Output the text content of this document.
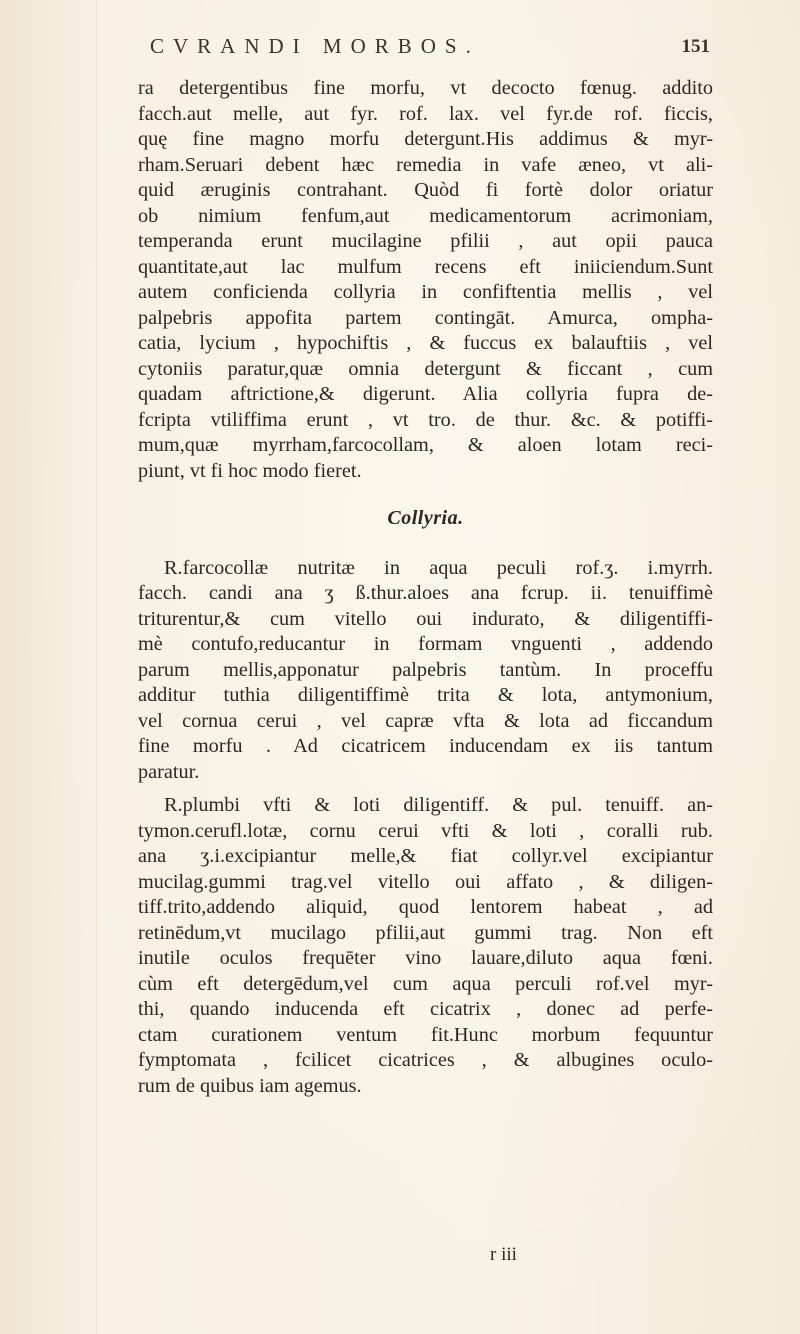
CVRANDI MORBOS.	151
ra detergentibus fine morfu, vt decocto fœnug. addito
facch.aut melle, aut fyr. rof. lax. vel fyr.de rof. ficcis,
quę fine magno morfu detergunt.His addimus & myr-
rham.Seruari debent hæc remedia in vafe æneo, vt ali-
quid æruginis contrahant. Quòd fi fortè dolor oriatur
ob nimium fenfum,aut medicamentorum acrimoniam,
temperanda erunt mucilagine pfilii , aut opii pauca
quantitate,aut lac mulfum recens eft iniiciendum.Sunt
autem conficienda collyria in confiftentia mellis , vel
palpebris appofita partem contingāt. Amurca, ompha-
catia, lycium , hypochiftis , & fuccus ex balauftiis , vel
cytoniis paratur,quæ omnia detergunt & ficcant , cum
quadam aftrictione,& digerunt. Alia collyria fupra de-
fcripta vtiliffima erunt , vt tro. de thur. &c. & potiffi-
mum,quæ myrrham,farcocollam, & aloen lotam reci-
piunt, vt fi hoc modo fieret.
Collyria.
R.farcocollæ nutritæ in aqua peculi rof.ʒ. i.myrrh.
facch. candi ana ʒ ß.thur.aloes ana fcrup. ii. tenuiffimè
triturentur,& cum vitello oui indurato, & diligentiffi-
mè contufo,reducantur in formam vnguenti , addendo
parum mellis,apponatur palpebris tantùm. In proceffu
additur tuthia diligentiffimè trita & lota, antymonium,
vel cornua cerui , vel capræ vfta & lota ad ficcandum
fine morfu . Ad cicatricem inducendam ex iis tantum
paratur.
R.plumbi vfti & loti diligentiff. & pul. tenuiff. an-
tymon.cerufl.lotæ, cornu cerui vfti & loti , coralli rub.
ana ʒ.i.excipiantur melle,& fiat collyr.vel excipiantur
mucilag.gummi trag.vel vitello oui affato , & diligen-
tiff.trito,addendo aliquid, quod lentorem habeat , ad
retinēdum,vt mucilago pfilii,aut gummi trag. Non eft
inutile oculos frequēter vino lauare,diluto aqua fœni.
cùm eft detergēdum,vel cum aqua perculi rof.vel myr-
thi, quando inducenda eft cicatrix , donec ad perfe-
ctam curationem ventum fit.Hunc morbum fequuntur
fymptomata , fcilicet cicatrices , & albugines oculo-
rum de quibus iam agemus.
r iii
